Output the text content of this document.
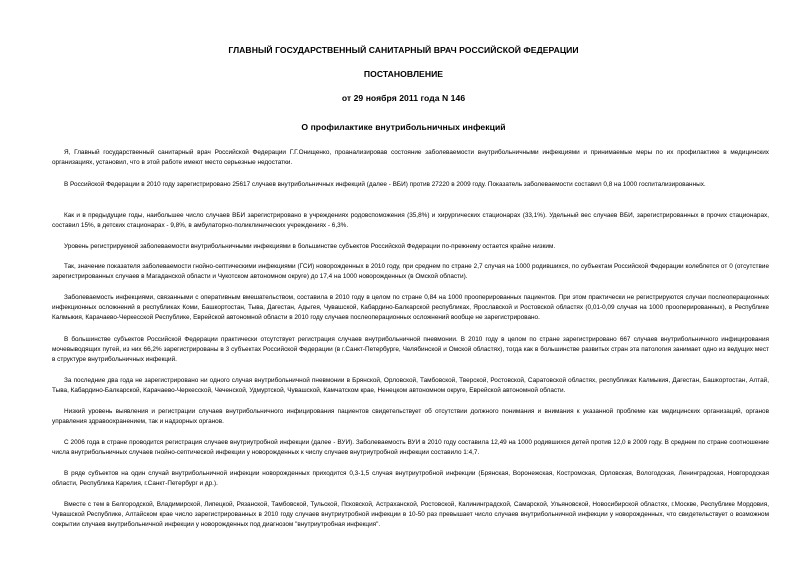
ГЛАВНЫЙ ГОСУДАРСТВЕННЫЙ САНИТАРНЫЙ ВРАЧ РОССИЙСКОЙ ФЕДЕРАЦИИ
ПОСТАНОВЛЕНИЕ
от 29 ноября 2011 года N 146
О профилактике внутрибольничных инфекций

Я, Главный государственный санитарный врач Российской Федерации Г.Г.Онищенко, проанализировав состояние заболеваемости внутрибольничными инфекциями и принимаемые меры по их профилактике в медицинских организациях, установил, что в этой работе имеют место серьезные недостатки.

В Российской Федерации в 2010 году зарегистрировано 25617 случаев внутрибольничных инфекций (далее - ВБИ) против 27220 в 2009 году. Показатель заболеваемости составил 0,8 на 1000 госпитализированных.

Как и в предыдущие годы, наибольшее число случаев ВБИ зарегистрировано в учреждениях родовспоможения (35,8%) и хирургических стационарах (33,1%). Удельный вес случаев ВБИ, зарегистрированных в прочих стационарах, составил 15%, в детских стационарах - 9,8%, в амбулаторно-поликлинических учреждениях - 6,3%.

Уровень регистрируемой заболеваемости внутрибольничными инфекциями в большинстве субъектов Российской Федерации по-прежнему остается крайне низким.

Так, значение показателя заболеваемости гнойно-септическими инфекциями (ГСИ) новорожденных в 2010 году, при среднем по стране 2,7 случая на 1000 родившихся, по субъектам Российской Федерации колеблется от 0 (отсутствие зарегистрированных случаев в Магаданской области и Чукотском автономном округе) до 17,4 на 1000 новорожденных (в Омской области).

Заболеваемость инфекциями, связанными с оперативным вмешательством, составила в 2010 году в целом по стране 0,84 на 1000 прооперированных пациентов. При этом практически не регистрируются случаи послеоперационных инфекционных осложнений в республиках Коми, Башкортостан, Тыва, Дагестан, Адыгея, Чувашской, Кабардино-Балкарской республиках, Ярославской и Ростовской областях (0,01-0,09 случая на 1000 прооперированных), в Республике Калмыкия, Карачаево-Черкесской Республике, Еврейской автономной области в 2010 году случаев послеоперационных осложнений вообще не зарегистрировано.

В большинстве субъектов Российской Федерации практически отсутствует регистрация случаев внутрибольничной пневмонии. В 2010 году в целом по стране зарегистрировано 667 случаев внутрибольничного инфицирования мочевыводящих путей, из них 66,2% зарегистрированы в 3 субъектах Российской Федерации (в г.Санкт-Петербурге, Челябинской и Омской областях), тогда как в большинстве развитых стран эта патология занимает одно из ведущих мест в структуре внутрибольничных инфекций.

За последние два года не зарегистрировано ни одного случая внутрибольничной пневмонии в Брянской, Орловской, Тамбовской, Тверской, Ростовской, Саратовской областях, республиках Калмыкия, Дагестан, Башкортостан, Алтай, Тыва, Кабардино-Балкарской, Карачаево-Черкесской, Чеченской, Удмуртской, Чувашской, Камчатском крае, Ненецком автономном округе, Еврейской автономной области.

Низкий уровень выявления и регистрации случаев внутрибольничного инфицирования пациентов свидетельствует об отсутствии должного понимания и внимания к указанной проблеме как медицинских организаций, органов управления здравоохранением, так и надзорных органов.

С 2006 года в стране проводится регистрация случаев внутриутробной инфекции (далее - ВУИ). Заболеваемость ВУИ в 2010 году составила 12,49 на 1000 родившихся детей против 12,0 в 2009 году. В среднем по стране соотношение числа внутрибольничных случаев гнойно-септической инфекции у новорожденных к числу случаев внутриутробной инфекции составило 1:4,7.

В ряде субъектов на один случай внутрибольничной инфекции новорожденных приходится 0,3-1,5 случая внутриутробной инфекции (Брянская, Воронежская, Костромская, Орловская, Вологодская, Ленинградская, Новгородская области, Республика Карелия, г.Санкт-Петербург и др.).

Вместе с тем в Белгородской, Владимирской, Липецкой, Рязанской, Тамбовской, Тульской, Псковской, Астраханской, Ростовской, Калининградской, Самарской, Ульяновской, Новосибирской областях, г.Москве, Республике Мордовия, Чувашской Республике, Алтайском крае число зарегистрированных в 2010 году случаев внутриутробной инфекции в 10-50 раз превышает число случаев внутрибольничной инфекции у новорожденных, что свидетельствует о возможном сокрытии случаев внутрибольничной инфекции у новорожденных под диагнозом "внутриутробная инфекция".
